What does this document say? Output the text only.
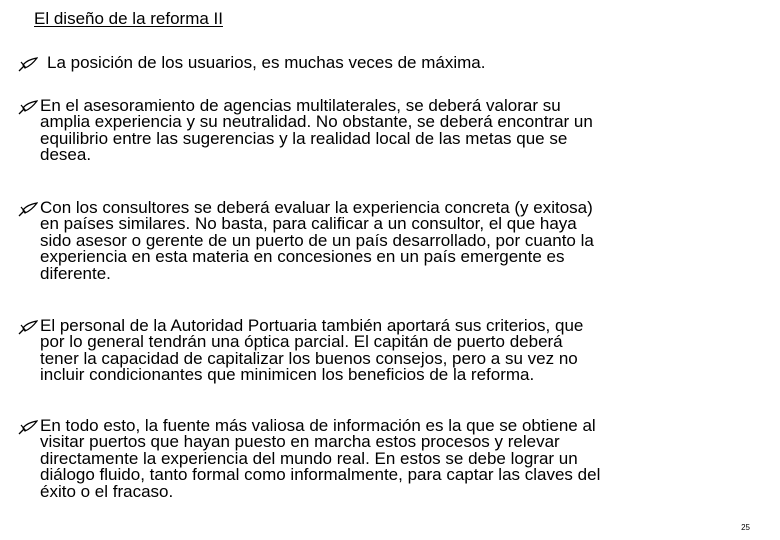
El diseño de la reforma II

La posición de los usuarios, es muchas veces de máxima.

En el asesoramiento de agencias multilaterales, se deberá valorar su
amplia experiencia y su neutralidad. No obstante, se deberá encontrar un
equilibrio entre las sugerencias y la realidad local de las metas que se
desea.

Con los consultores se deberá evaluar la experiencia concreta (y exitosa)
en países similares. No basta, para calificar a un consultor, el que haya
sido asesor o gerente de un puerto de un país desarrollado, por cuanto la
experiencia en esta materia en concesiones en un país emergente es
diferente.

El personal de la Autoridad Portuaria también aportará sus criterios, que
por lo general tendrán una óptica parcial. El capitán de puerto deberá
tener la capacidad de capitalizar los buenos consejos, pero a su vez no
incluir condicionantes que minimicen los beneficios de la reforma.

En todo esto, la fuente más valiosa de información es la que se obtiene al
visitar puertos que hayan puesto en marcha estos procesos y relevar
directamente la experiencia del mundo real. En estos se debe lograr un
diálogo fluido, tanto formal como informalmente, para captar las claves del
éxito o el fracaso.

25
